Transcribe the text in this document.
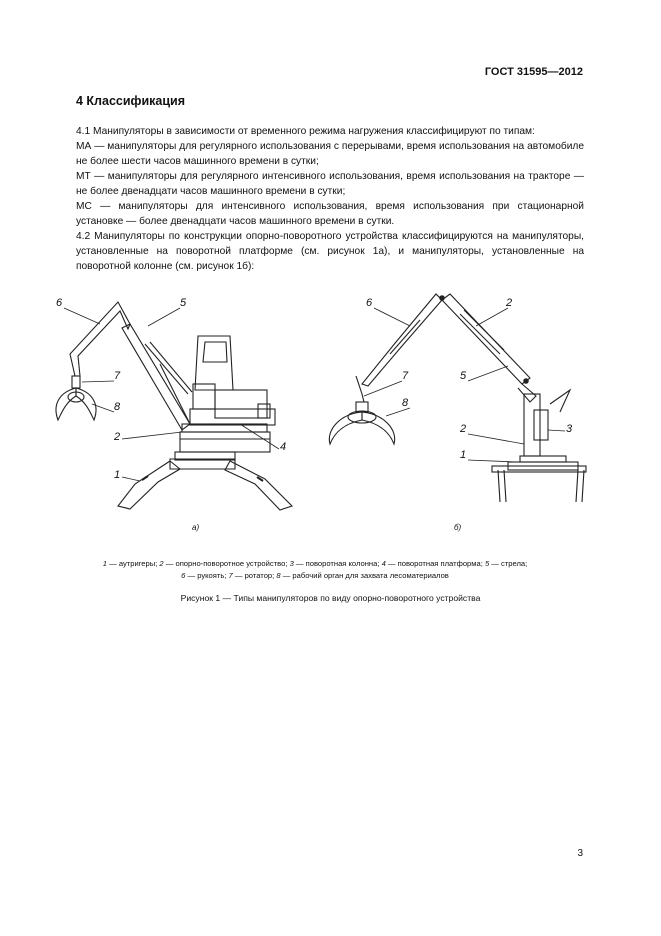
ГОСТ 31595—2012
4 Классификация

4.1 Манипуляторы в зависимости от временного режима нагружения классифицируют по типам:

МА — манипуляторы для регулярного использования с перерывами, время использования на автомобиле не более шести часов машинного времени в сутки;

МТ — манипуляторы для регулярного интенсивного использования, время использования на трактоpe — не более двенадцати часов машинного времени в сутки;

МС — манипуляторы для интенсивного использования, время использования при стационарной установке — более двенадцати часов машинного времени в сутки.

4.2 Манипуляторы по конструкции опорно-поворотного устройства классифицируются на манипуляторы, установленные на поворотной платформе (см. рисунок 1а), и манипуляторы, установленные на поворотной колонне (см. рисунок 1б):

6	5
7
8
2
4
1
а)
6	2
7	5
8
2	3
1
б)
1 — аутригеры; 2 — опорно-поворотное устройство; 3 — поворотная колонна; 4 — поворотная платформа; 5 — стрела;
6 — рукоять; 7 — ротатор; 8 — рабочий орган для захвата лесоматериалов
Рисунок 1 — Типы манипуляторов по виду опорно-поворотного устройства
3
